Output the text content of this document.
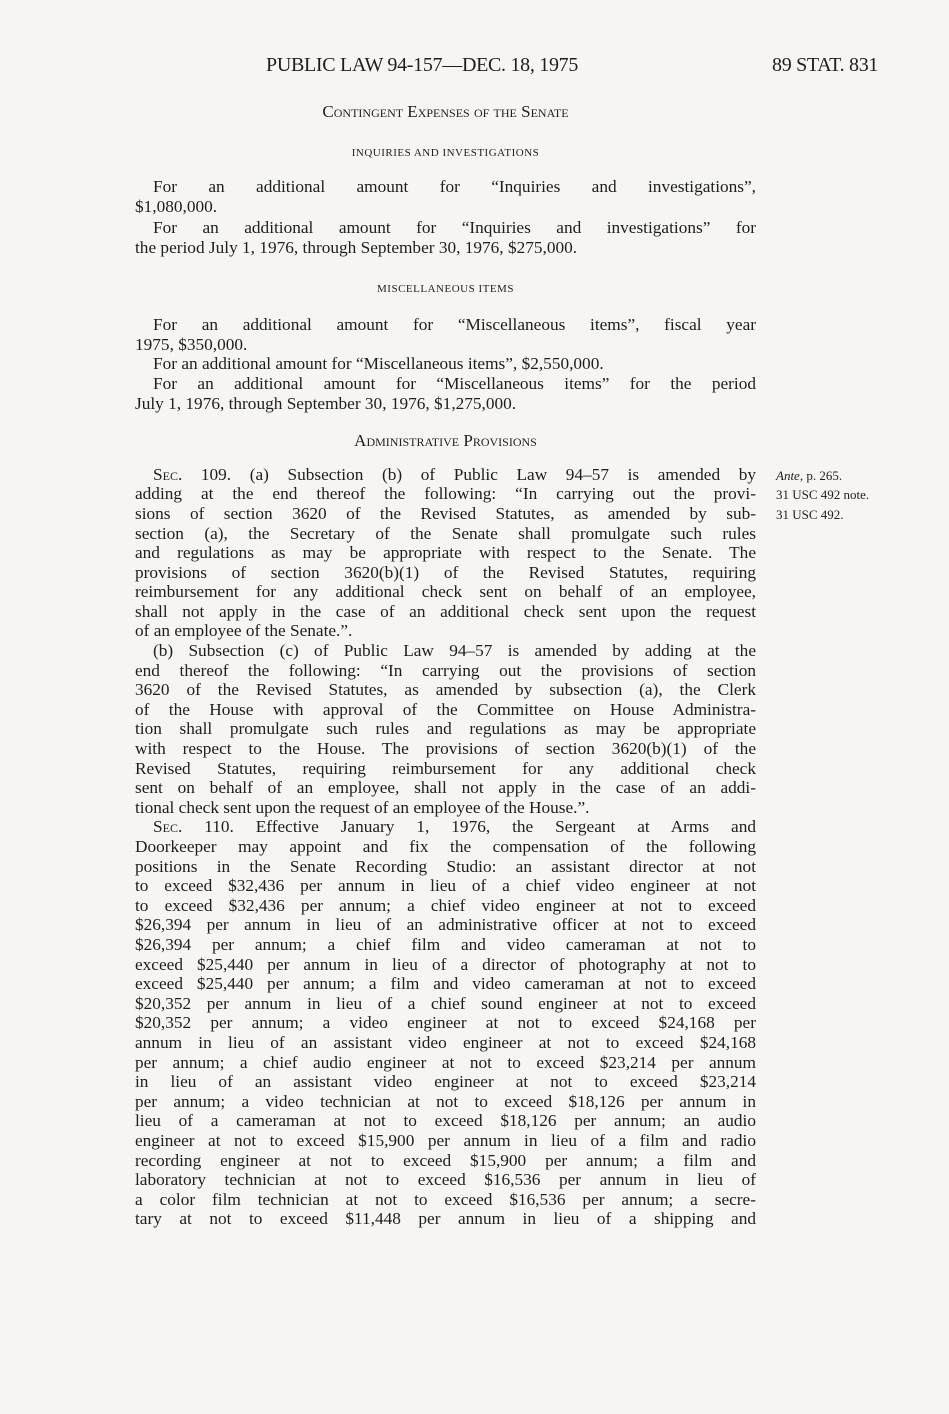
PUBLIC LAW 94-157—DEC. 18, 1975	89 STAT. 831
Contingent Expenses of the Senate
INQUIRIES AND INVESTIGATIONS
For an additional amount for “Inquiries and investigations”,
$1,080,000.
For an additional amount for “Inquiries and investigations” for
the period July 1, 1976, through September 30, 1976, $275,000.
MISCELLANEOUS ITEMS
For an additional amount for “Miscellaneous items”, fiscal year
1975, $350,000.
For an additional amount for “Miscellaneous items”, $2,550,000.
For an additional amount for “Miscellaneous items” for the period
July 1, 1976, through September 30, 1976, $1,275,000.
Administrative Provisions
Sec. 109. (a) Subsection (b) of Public Law 94–57 is amended by
adding at the end thereof the following: “In carrying out the provi-
sions of section 3620 of the Revised Statutes, as amended by sub-
section (a), the Secretary of the Senate shall promulgate such rules
and regulations as may be appropriate with respect to the Senate. The
provisions of section 3620(b)(1) of the Revised Statutes, requiring
reimbursement for any additional check sent on behalf of an employee,
shall not apply in the case of an additional check sent upon the request
of an employee of the Senate.”.
(b) Subsection (c) of Public Law 94–57 is amended by adding at the
end thereof the following: “In carrying out the provisions of section
3620 of the Revised Statutes, as amended by subsection (a), the Clerk
of the House with approval of the Committee on House Administra-
tion shall promulgate such rules and regulations as may be appropriate
with respect to the House. The provisions of section 3620(b)(1) of the
Revised Statutes, requiring reimbursement for any additional check
sent on behalf of an employee, shall not apply in the case of an addi-
tional check sent upon the request of an employee of the House.”.
Sec. 110. Effective January 1, 1976, the Sergeant at Arms and
Doorkeeper may appoint and fix the compensation of the following
positions in the Senate Recording Studio: an assistant director at not
to exceed $32,436 per annum in lieu of a chief video engineer at not
to exceed $32,436 per annum; a chief video engineer at not to exceed
$26,394 per annum in lieu of an administrative officer at not to exceed
$26,394 per annum; a chief film and video cameraman at not to
exceed $25,440 per annum in lieu of a director of photography at not to
exceed $25,440 per annum; a film and video cameraman at not to exceed
$20,352 per annum in lieu of a chief sound engineer at not to exceed
$20,352 per annum; a video engineer at not to exceed $24,168 per
annum in lieu of an assistant video engineer at not to exceed $24,168
per annum; a chief audio engineer at not to exceed $23,214 per annum
in lieu of an assistant video engineer at not to exceed $23,214
per annum; a video technician at not to exceed $18,126 per annum in
lieu of a cameraman at not to exceed $18,126 per annum; an audio
engineer at not to exceed $15,900 per annum in lieu of a film and radio
recording engineer at not to exceed $15,900 per annum; a film and
laboratory technician at not to exceed $16,536 per annum in lieu of
a color film technician at not to exceed $16,536 per annum; a secre-
tary at not to exceed $11,448 per annum in lieu of a shipping and
Ante, p. 265.
31 USC 492 note.
31 USC 492.
